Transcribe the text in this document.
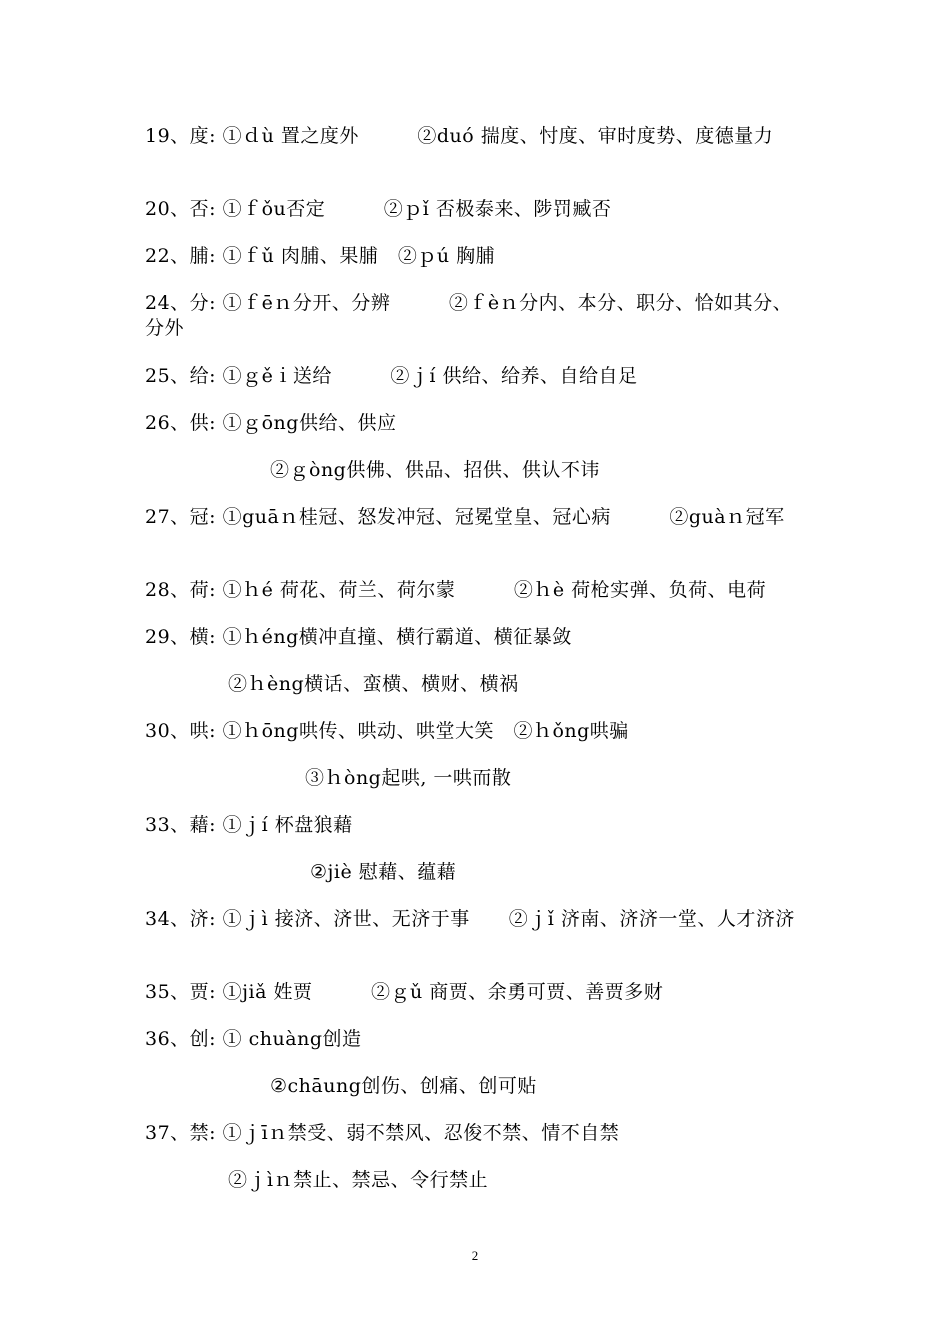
19、度: ①ｄù 置之度外　　　②duó 揣度、忖度、审时度势、度德量力
20、否: ①ｆǒu否定　　　②ｐǐ 否极泰来、陟罚臧否
22、脯: ①ｆǔ 肉脯、果脯　②ｐú 胸脯
24、分: ①ｆēｎ分开、分辨　　　②ｆèｎ分内、本分、职分、恰如其分、分外
25、给: ①ｇěｉ送给　　　②ｊí 供给、给养、自给自足
26、供: ①ｇōng供给、供应
②ｇòng供佛、供品、招供、供认不讳
27、冠: ①guāｎ桂冠、怒发冲冠、冠冕堂皇、冠心病　　　②guàｎ冠军
28、荷: ①ｈé 荷花、荷兰、荷尔蒙　　　②ｈè 荷枪实弹、负荷、电荷
29、横: ①ｈéng横冲直撞、横行霸道、横征暴敛
②ｈèng横话、蛮横、横财、横祸
30、哄: ①ｈōng哄传、哄动、哄堂大笑　②ｈǒng哄骗
③ｈòng起哄, 一哄而散
33、藉: ①ｊí 杯盘狼藉
②jiè 慰藉、蕴藉
34、济: ①ｊì 接济、济世、无济于事　　②ｊǐ 济南、济济一堂、人才济济
35、贾: ①jiǎ 姓贾　　　②ｇǔ 商贾、余勇可贾、善贾多财
36、创: ① chuàng创造
②chāung创伤、创痛、创可贴
37、禁: ①ｊīｎ禁受、弱不禁风、忍俊不禁、情不自禁
②ｊìｎ禁止、禁忌、令行禁止
2
